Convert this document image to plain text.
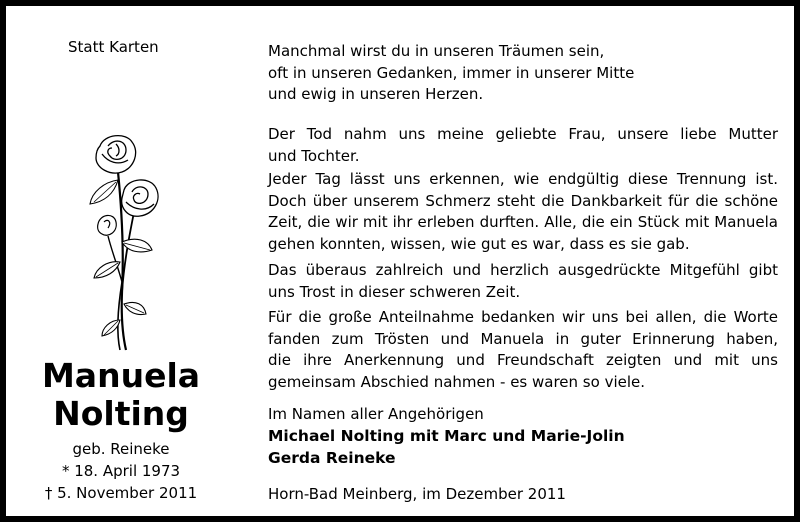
Statt Karten
Manuela
Nolting
geb. Reineke
* 18. April 1973
† 5. November 2011
Manchmal wirst du in unseren Träumen sein,
oft in unseren Gedanken, immer in unserer Mitte
und ewig in unseren Herzen.
Der Tod nahm uns meine geliebte Frau, unsere liebe Mutter
und Tochter.
Jeder Tag lässt uns erkennen, wie endgültig diese Trennung ist.
Doch über unserem Schmerz steht die Dankbarkeit für die schöne
Zeit, die wir mit ihr erleben durften. Alle, die ein Stück mit Manuela
gehen konnten, wissen, wie gut es war, dass es sie gab.
Das überaus zahlreich und herzlich ausgedrückte Mitgefühl gibt
uns Trost in dieser schweren Zeit.
Für die große Anteilnahme bedanken wir uns bei allen, die Worte
fanden zum Trösten und Manuela in guter Erinnerung haben,
die ihre Anerkennung und Freundschaft zeigten und mit uns
gemeinsam Abschied nahmen - es waren so viele.
Im Namen aller Angehörigen
Michael Nolting mit Marc und Marie-Jolin
Gerda Reineke
Horn-Bad Meinberg, im Dezember 2011
